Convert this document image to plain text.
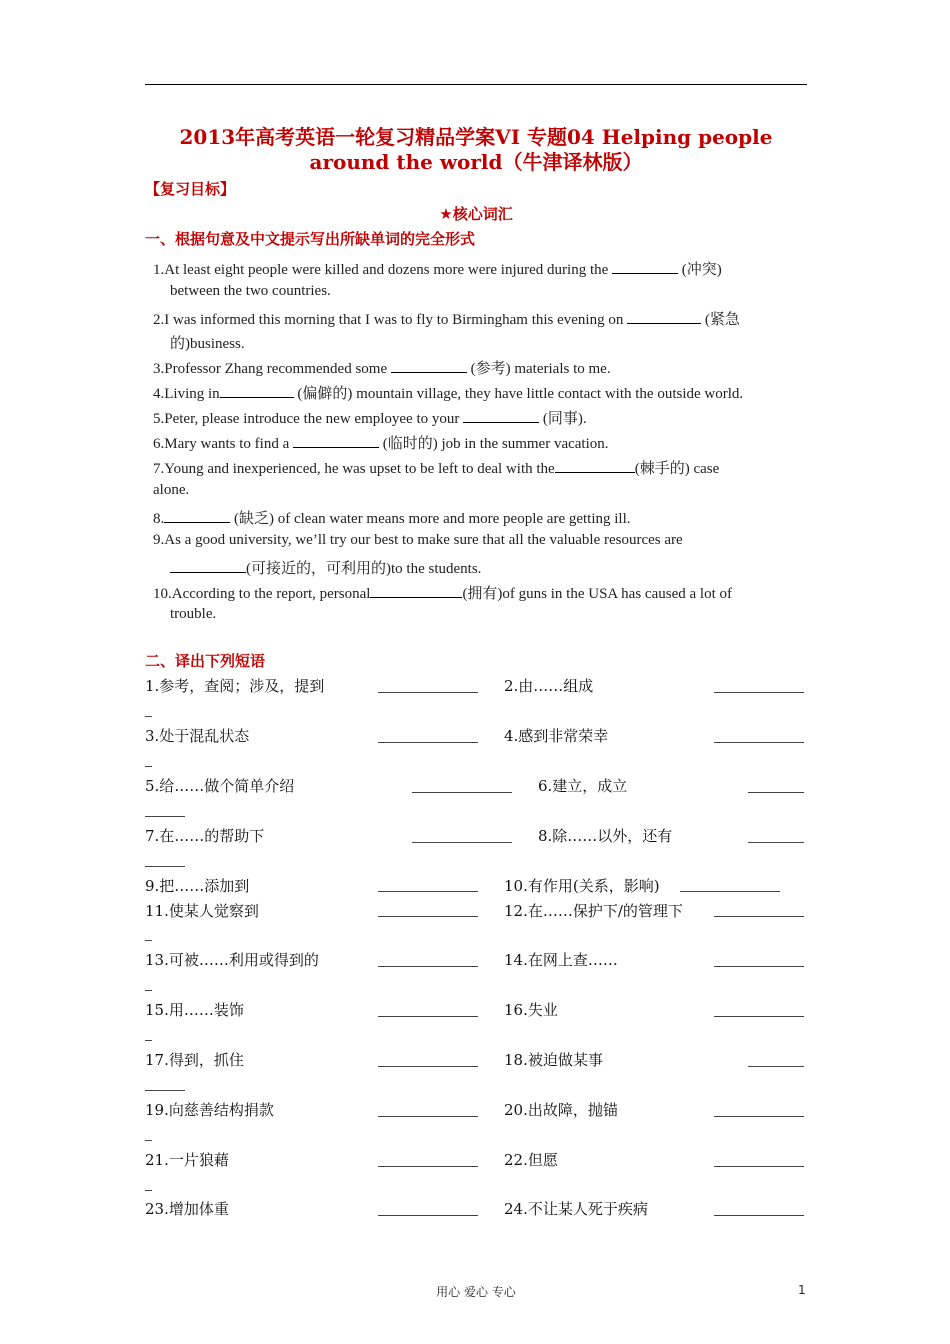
2013年高考英语一轮复习精品学案VI 专题04 Helping people
around the world（牛津译林版）
【复习目标】
★核心词汇
一、根据句意及中文提示写出所缺单词的完全形式
1.At least eight people were killed and dozens more were injured during the	(冲突)
between the two countries.
2.I was informed this morning that I was to fly to Birmingham this evening on	(紧急
的)business.
3.Professor Zhang recommended some	(参考) materials to me.
4.Living in	(偏僻的) mountain village, they have little contact with the outside world.
5.Peter, please introduce the new employee to your	(同事).
6.Mary wants to find a	(临时的) job in the summer vacation.
7.Young and inexperienced, he was upset to be left to deal with the	(棘手的) case
alone.
8.	(缺乏) of clean water means more and more people are getting ill.
9.As a good university, we’ll try our best to make sure that all the valuable resources are
(可接近的，可利用的)to the students.
10.According to the report, personal	(拥有)of guns in the USA has caused a lot of
trouble.
二、译出下列短语
1.参考，查阅；涉及，提到	2.由……组成
3.处于混乱状态	4.感到非常荣幸
5.给……做个简单介绍	6.建立，成立
7.在……的帮助下	8.除……以外，还有
9.把……添加到	10.有作用(关系，影响)
11.使某人觉察到	12.在……保护下/的管理下
13.可被……利用或得到的	14.在网上查……
15.用……装饰	16.失业
17.得到，抓住	18.被迫做某事
19.向慈善结构捐款	20.出故障，抛锚
21.一片狼藉	22.但愿
23.增加体重	24.不让某人死于疾病
用心 爱心 专心	1
